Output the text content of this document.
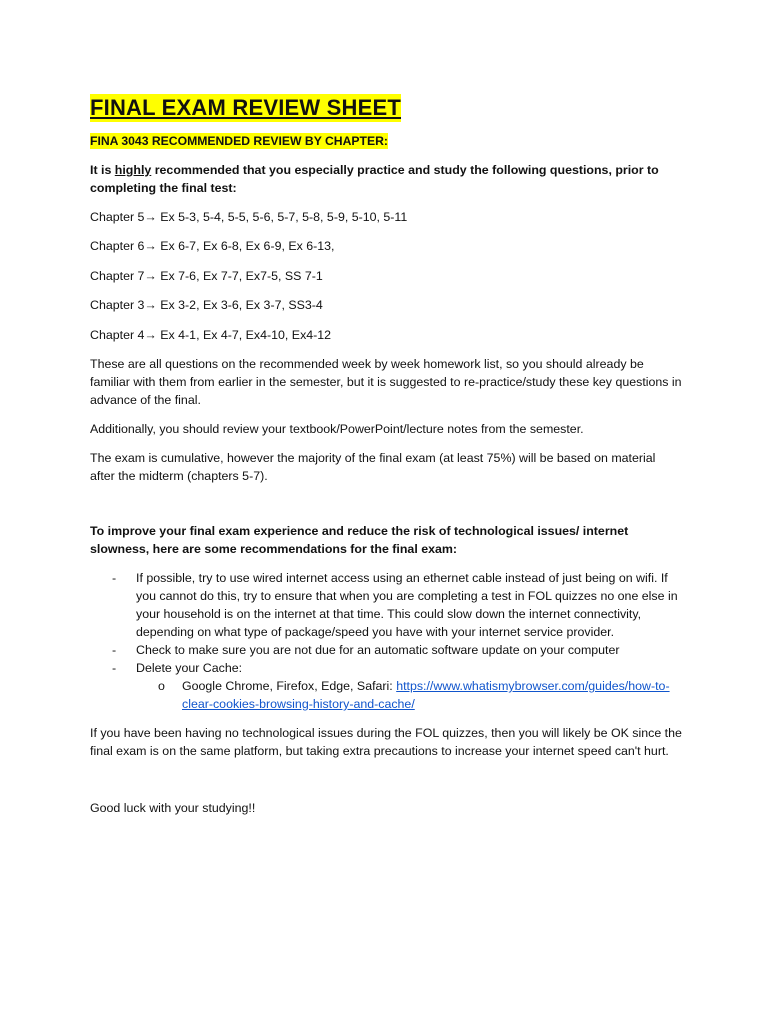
FINAL EXAM REVIEW SHEET
FINA 3043 RECOMMENDED REVIEW BY CHAPTER:

It is highly recommended that you especially practice and study the following questions, prior to completing the final test:

Chapter 5→ Ex 5-3, 5-4, 5-5, 5-6, 5-7, 5-8, 5-9, 5-10, 5-11
Chapter 6→ Ex 6-7, Ex 6-8, Ex 6-9, Ex 6-13,
Chapter 7→ Ex 7-6, Ex 7-7, Ex7-5, SS 7-1
Chapter 3→ Ex 3-2, Ex 3-6, Ex 3-7, SS3-4
Chapter 4→ Ex 4-1, Ex 4-7, Ex4-10, Ex4-12

These are all questions on the recommended week by week homework list, so you should already be familiar with them from earlier in the semester, but it is suggested to re-practice/study these key questions in advance of the final.

Additionally, you should review your textbook/PowerPoint/lecture notes from the semester.

The exam is cumulative, however the majority of the final exam (at least 75%) will be based on material after the midterm (chapters 5-7).

To improve your final exam experience and reduce the risk of technological issues/ internet slowness, here are some recommendations for the final exam:

- If possible, try to use wired internet access using an ethernet cable instead of just being on wifi. If you cannot do this, try to ensure that when you are completing a test in FOL quizzes no one else in your household is on the internet at that time. This could slow down the internet connectivity, depending on what type of package/speed you have with your internet service provider.
- Check to make sure you are not due for an automatic software update on your computer
- Delete your Cache:
o Google Chrome, Firefox, Edge, Safari: https://www.whatismybrowser.com/guides/how-to-clear-cookies-browsing-history-and-cache/

If you have been having no technological issues during the FOL quizzes, then you will likely be OK since the final exam is on the same platform, but taking extra precautions to increase your internet speed can't hurt.

Good luck with your studying!!
